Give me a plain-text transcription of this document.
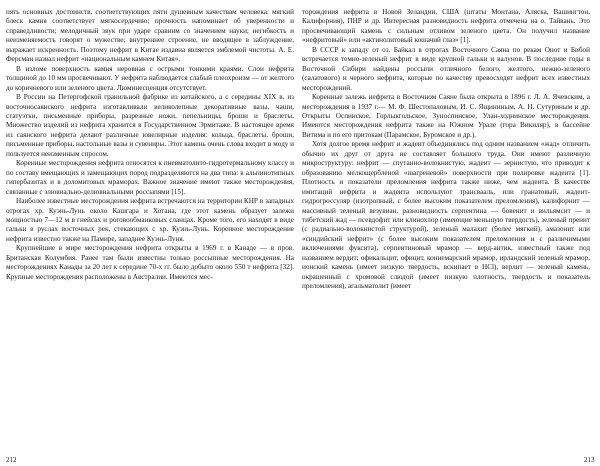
пять основных достоинств, соответствующих пяти душевным качествам человека: мягкий блеск камня соответствует мягкосердечию; прочность напоминает об уверенности и справедливости; мелодичный звук при ударе сравним со значением науки; негибкость и неизменяемость говорят о мужестве; внутреннее строение, не вводящее в заблуждение, выражает искренность. Поэтому нефрит в Китае издавна является эмблемой чистоты. А. Е. Ферсман назвал нефрит «национальным камнем Китая».

В изломе поверхность камня неровная с острыми тонкими краями. Слои нефрита толщиной до 10 мм просвечивают. У нефрита наблюдается слабый плеохроизм — от желтого до коричневого или зеленого цвета. Люминесценция отсутствует.

В России на Петергофской гранильной фабрике из китайского, а с середины XIX в. из восточносаянского нефрита изготавливали великолепные декоративные вазы, чаши, статуэтки, письменные приборы, разрезные ножи, пепельницы, броши и браслеты. Множество изделий из нефрита хранится в Государственном Эрмитаже. В настоящее время из саянского нефрита делают различные ювелирные изделия: кольца, браслеты, броши, письменные приборы, настольные вазы и сувениры. Этот камень очень слова входит в моду и пользуется неизменным спросом.

Коренные месторождения нефрита относятся к пневматолито-гидротермальному классу и по составу вмещающих и замещающих пород подразделяются на два типа: в альпинотипных гипербазитах и в доломитовых мраморах. Важное значение имеют также месторождения, связанные с элювиально-делювиальными россыпями [15].

Наиболее известные месторождения нефрита встречаются на территории КНР в западных отрогах хр. Куэнь-Лунь около Кашгара и Хотана, где этот камень образует залежи мощностью 7—12 м в гнейсах и роговообманковых сланцах. Кроме того, его находят в виде гальки в руслах восточных рек, стекающих с хр. Куэнь-Лунь. Коренное месторождение нефрита известно также на Памире, западнее Куэнь-Луня.

Крупнейшие в мире месторождения нефрита открыты в 1969 г. в Канаде — в пров. Британская Колумбия. Ранее там были известны только россыпные месторождения. На месторождениях Канады за 20 лет к середине 70-х гг. было добыто около 550 т нефрита [32]. Крупные месторождения расположены в Австралии. Имеются мес-

212

торождения нефрита в Новой Зеландии, США (штаты Монтана, Аляска, Вашингтон, Калифорния), ПНР и др. Интересная разновидность нефрита отмечена на о. Тайвань. Это просвечивающий камень с сильным отливом зеленого цвета. Он получил название «нефритовый» или «актинолитовый кошачий глаз» [1].

В СССР к западу от оз. Байкал в отрогах Восточного Саяна по рекам Онот и Бибой встречается темно-зеленый нефрит в виде крупной гальки и валунов. В последние годы в Восточной Сибири найдены россыпи отличного белого, желтого, нежно-зеленого (салатового) и черного нефрита, которые по качеству превосходят нефрит всех известных месторождений.

Коренные залежь нефрита в Восточном Саяне была открыта в 1896 г. Л. А. Ячевским, а месторождения в 1937 г.— М. Ф. Шестопаловым, И. С. Ящининым, А. Н. Сутуриным и др. Открыты Оспинское, Горлыкгольское, Зуноспинское, Улан-ходнинское месторождения. Имеются месторождения нефрита также на Южном Урале (гора Викиляр), в бассейне Витима и по его притокам (Парамское, Буромское и др.).

Хотя долгое время нефрит и жадеит объединялись под одним названием «жад» отличить обычно их друг от друга не составляет большого труда. Они имеют различную микроструктуру: нефрит — спутанно-волокнистую, жадеит — зернистую, что приводит к образованию мелкощербленой «шагреневой» поверхности при полировке жадеита [1]. Плотность и показатели преломления нефрита также ниже, чем жадеита. В качестве имитаций нефрита и жадеита используют трансвааль, или гранатовый, жадеит-гидрогроссуляр (изотропный, с более высоким показателем преломления), калифорнит — массивный зеленый везувиан, разновидность серпентина — бовенит и вильямсит — и тибетский жад — псевдофит или клинохлор (имеющие меньшую твердость), зеленый пренит (с радиально-волокнистой структурой), зеленый малахит (более мягкий), амазонит или «синдийский нефрит» (с более высоким показателем преломления и с различимыми включениями фуксита), серпентиновый мрамор — верд-антик, известный также под названием вердит; офикальцит, официт, коннемарский мрамор, ирландский зеленый мрамор, ионский камень (имеет низкую твердость, вскипает в HCl), верлит — зеленый камень, окрашенный с хромовой слюдой (имеет низкую плотность, твердость и показатель преломления), агальматолит (имеет

213
